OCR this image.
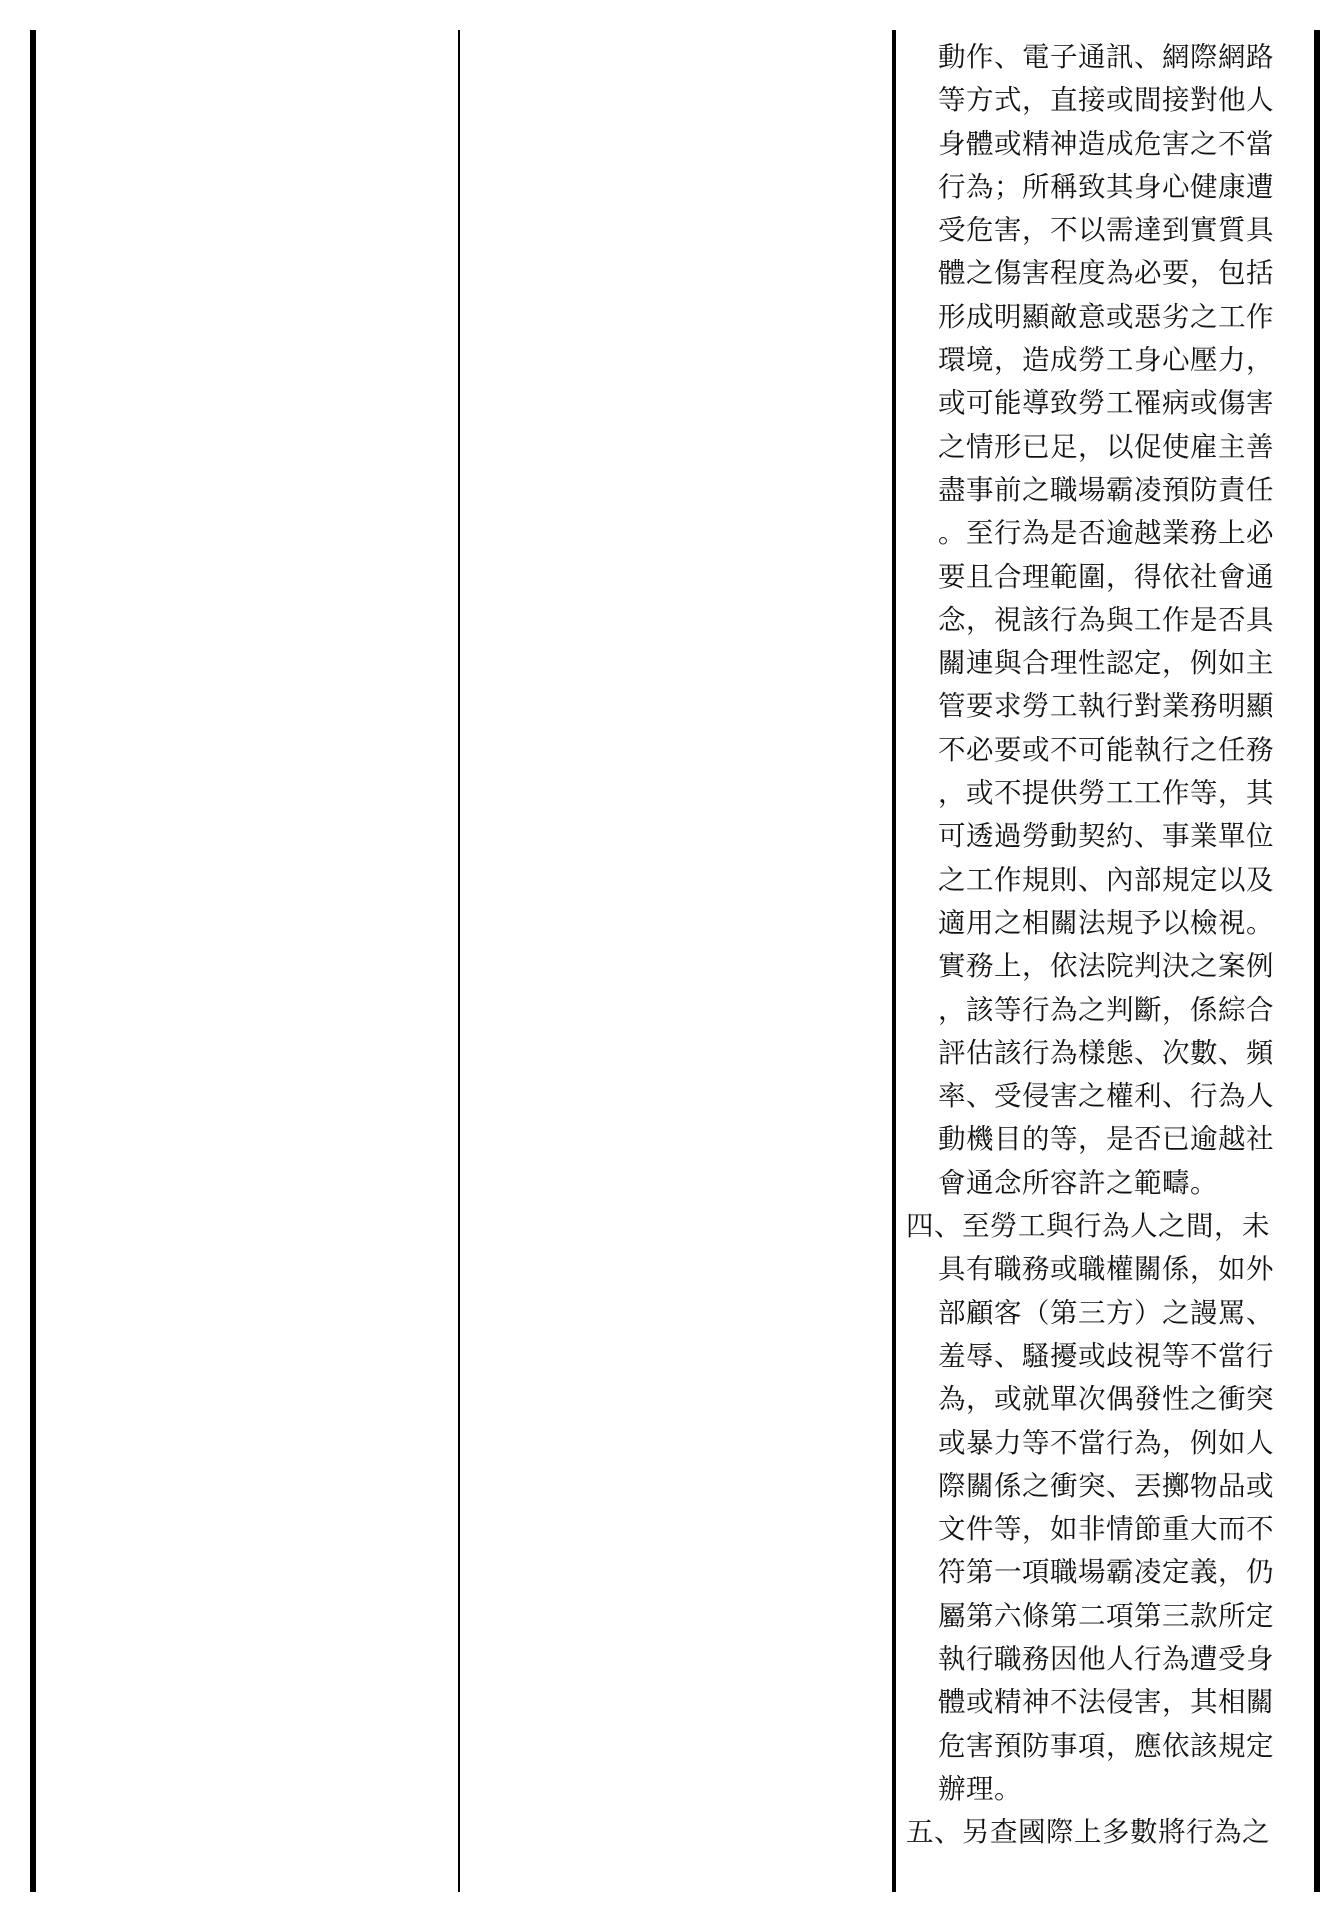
動作、電子通訊、網際網路
等方式，直接或間接對他人
身體或精神造成危害之不當
行為；所稱致其身心健康遭
受危害，不以需達到實質具
體之傷害程度為必要，包括
形成明顯敵意或惡劣之工作
環境，造成勞工身心壓力，
或可能導致勞工罹病或傷害
之情形已足，以促使雇主善
盡事前之職場霸凌預防責任
。至行為是否逾越業務上必
要且合理範圍，得依社會通
念，視該行為與工作是否具
關連與合理性認定，例如主
管要求勞工執行對業務明顯
不必要或不可能執行之任務
，或不提供勞工工作等，其
可透過勞動契約、事業單位
之工作規則、內部規定以及
適用之相關法規予以檢視。
實務上，依法院判決之案例
，該等行為之判斷，係綜合
評估該行為樣態、次數、頻
率、受侵害之權利、行為人
動機目的等，是否已逾越社
會通念所容許之範疇。
四、至勞工與行為人之間，未
具有職務或職權關係，如外
部顧客（第三方）之謾罵、
羞辱、騷擾或歧視等不當行
為，或就單次偶發性之衝突
或暴力等不當行為，例如人
際關係之衝突、丟擲物品或
文件等，如非情節重大而不
符第一項職場霸凌定義，仍
屬第六條第二項第三款所定
執行職務因他人行為遭受身
體或精神不法侵害，其相關
危害預防事項，應依該規定
辦理。
五、另查國際上多數將行為之
